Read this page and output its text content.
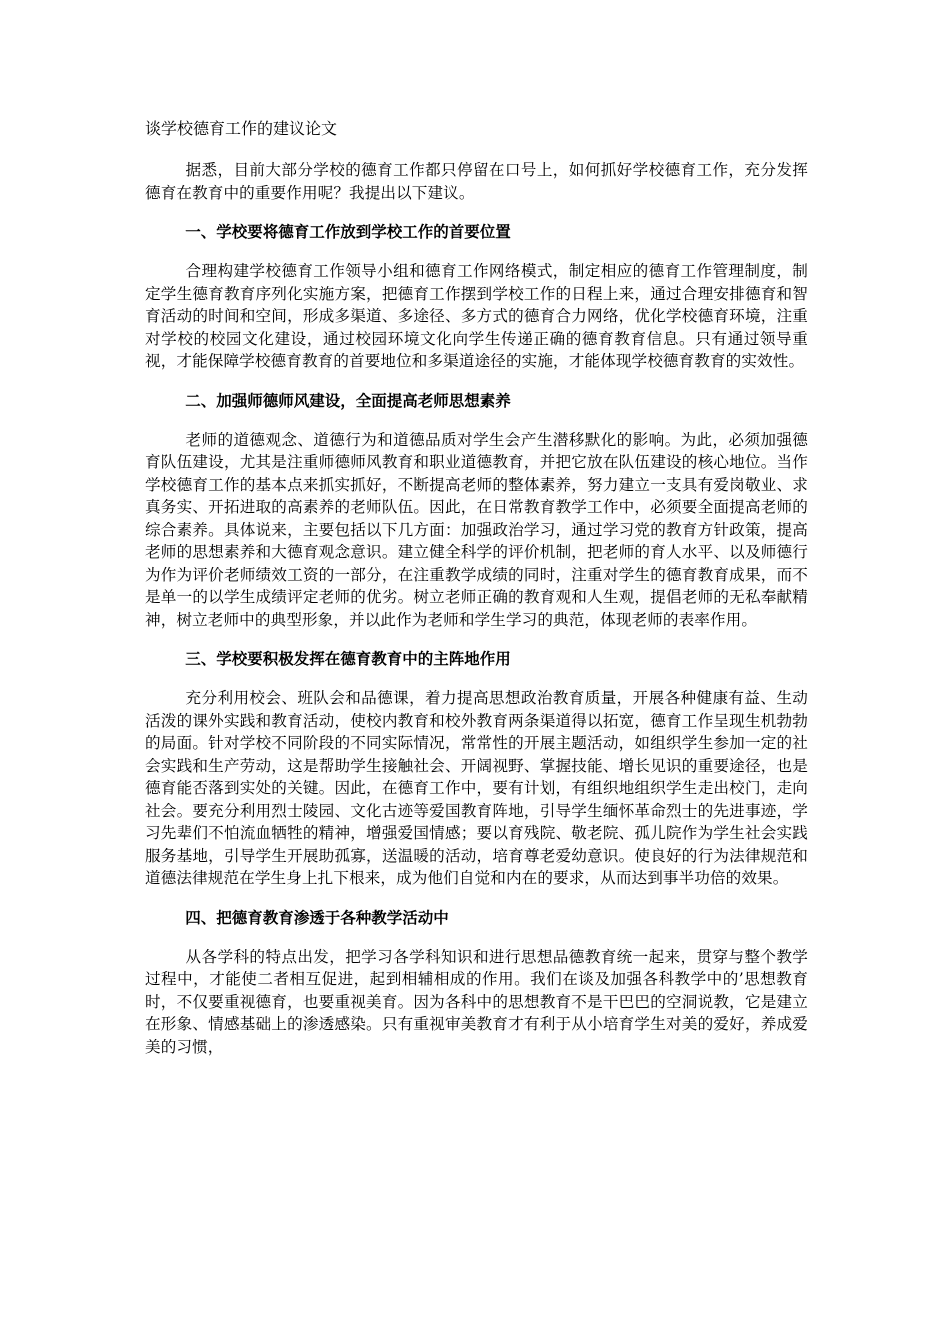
谈学校德育工作的建议论文

据悉，目前大部分学校的德育工作都只停留在口号上，如何抓好学校德育工作，充分发挥德育在教育中的重要作用呢？我提出以下建议。

一、学校要将德育工作放到学校工作的首要位置

合理构建学校德育工作领导小组和德育工作网络模式，制定相应的德育工作管理制度，制定学生德育教育序列化实施方案，把德育工作摆到学校工作的日程上来，通过合理安排德育和智育活动的时间和空间，形成多渠道、多途径、多方式的德育合力网络，优化学校德育环境，注重对学校的校园文化建设，通过校园环境文化向学生传递正确的德育教育信息。只有通过领导重视，才能保障学校德育教育的首要地位和多渠道途径的实施，才能体现学校德育教育的实效性。

二、加强师德师风建设，全面提高老师思想素养

老师的道德观念、道德行为和道德品质对学生会产生潜移默化的影响。为此，必须加强德育队伍建设，尤其是注重师德师风教育和职业道德教育，并把它放在队伍建设的核心地位。当作学校德育工作的基本点来抓实抓好，不断提高老师的整体素养，努力建立一支具有爱岗敬业、求真务实、开拓进取的高素养的老师队伍。因此，在日常教育教学工作中，必须要全面提高老师的综合素养。具体说来，主要包括以下几方面：加强政治学习，通过学习党的教育方针政策，提高老师的思想素养和大德育观念意识。建立健全科学的评价机制，把老师的育人水平、以及师德行为作为评价老师绩效工资的一部分，在注重教学成绩的同时，注重对学生的德育教育成果，而不是单一的以学生成绩评定老师的优劣。树立老师正确的教育观和人生观，提倡老师的无私奉献精神，树立老师中的典型形象，并以此作为老师和学生学习的典范，体现老师的表率作用。

三、学校要积极发挥在德育教育中的主阵地作用

充分利用校会、班队会和品德课，着力提高思想政治教育质量，开展各种健康有益、生动活泼的课外实践和教育活动，使校内教育和校外教育两条渠道得以拓宽，德育工作呈现生机勃勃的局面。针对学校不同阶段的不同实际情况，常常性的开展主题活动，如组织学生参加一定的社会实践和生产劳动，这是帮助学生接触社会、开阔视野、掌握技能、增长见识的重要途径，也是德育能否落到实处的关键。因此，在德育工作中，要有计划，有组织地组织学生走出校门，走向社会。要充分利用烈士陵园、文化古迹等爱国教育阵地，引导学生缅怀革命烈士的先进事迹，学习先辈们不怕流血牺牲的精神，增强爱国情感；要以育残院、敬老院、孤儿院作为学生社会实践服务基地，引导学生开展助孤寡，送温暖的活动，培育尊老爱幼意识。使良好的行为法律规范和道德法律规范在学生身上扎下根来，成为他们自觉和内在的要求，从而达到事半功倍的效果。

四、把德育教育渗透于各种教学活动中

从各学科的特点出发，把学习各学科知识和进行思想品德教育统一起来，贯穿与整个教学过程中，才能使二者相互促进，起到相辅相成的作用。我们在谈及加强各科教学中的’思想教育时，不仅要重视德育，也要重视美育。因为各科中的思想教育不是干巴巴的空洞说教，它是建立在形象、情感基础上的渗透感染。只有重视审美教育才有利于从小培育学生对美的爱好，养成爱美的习惯，
